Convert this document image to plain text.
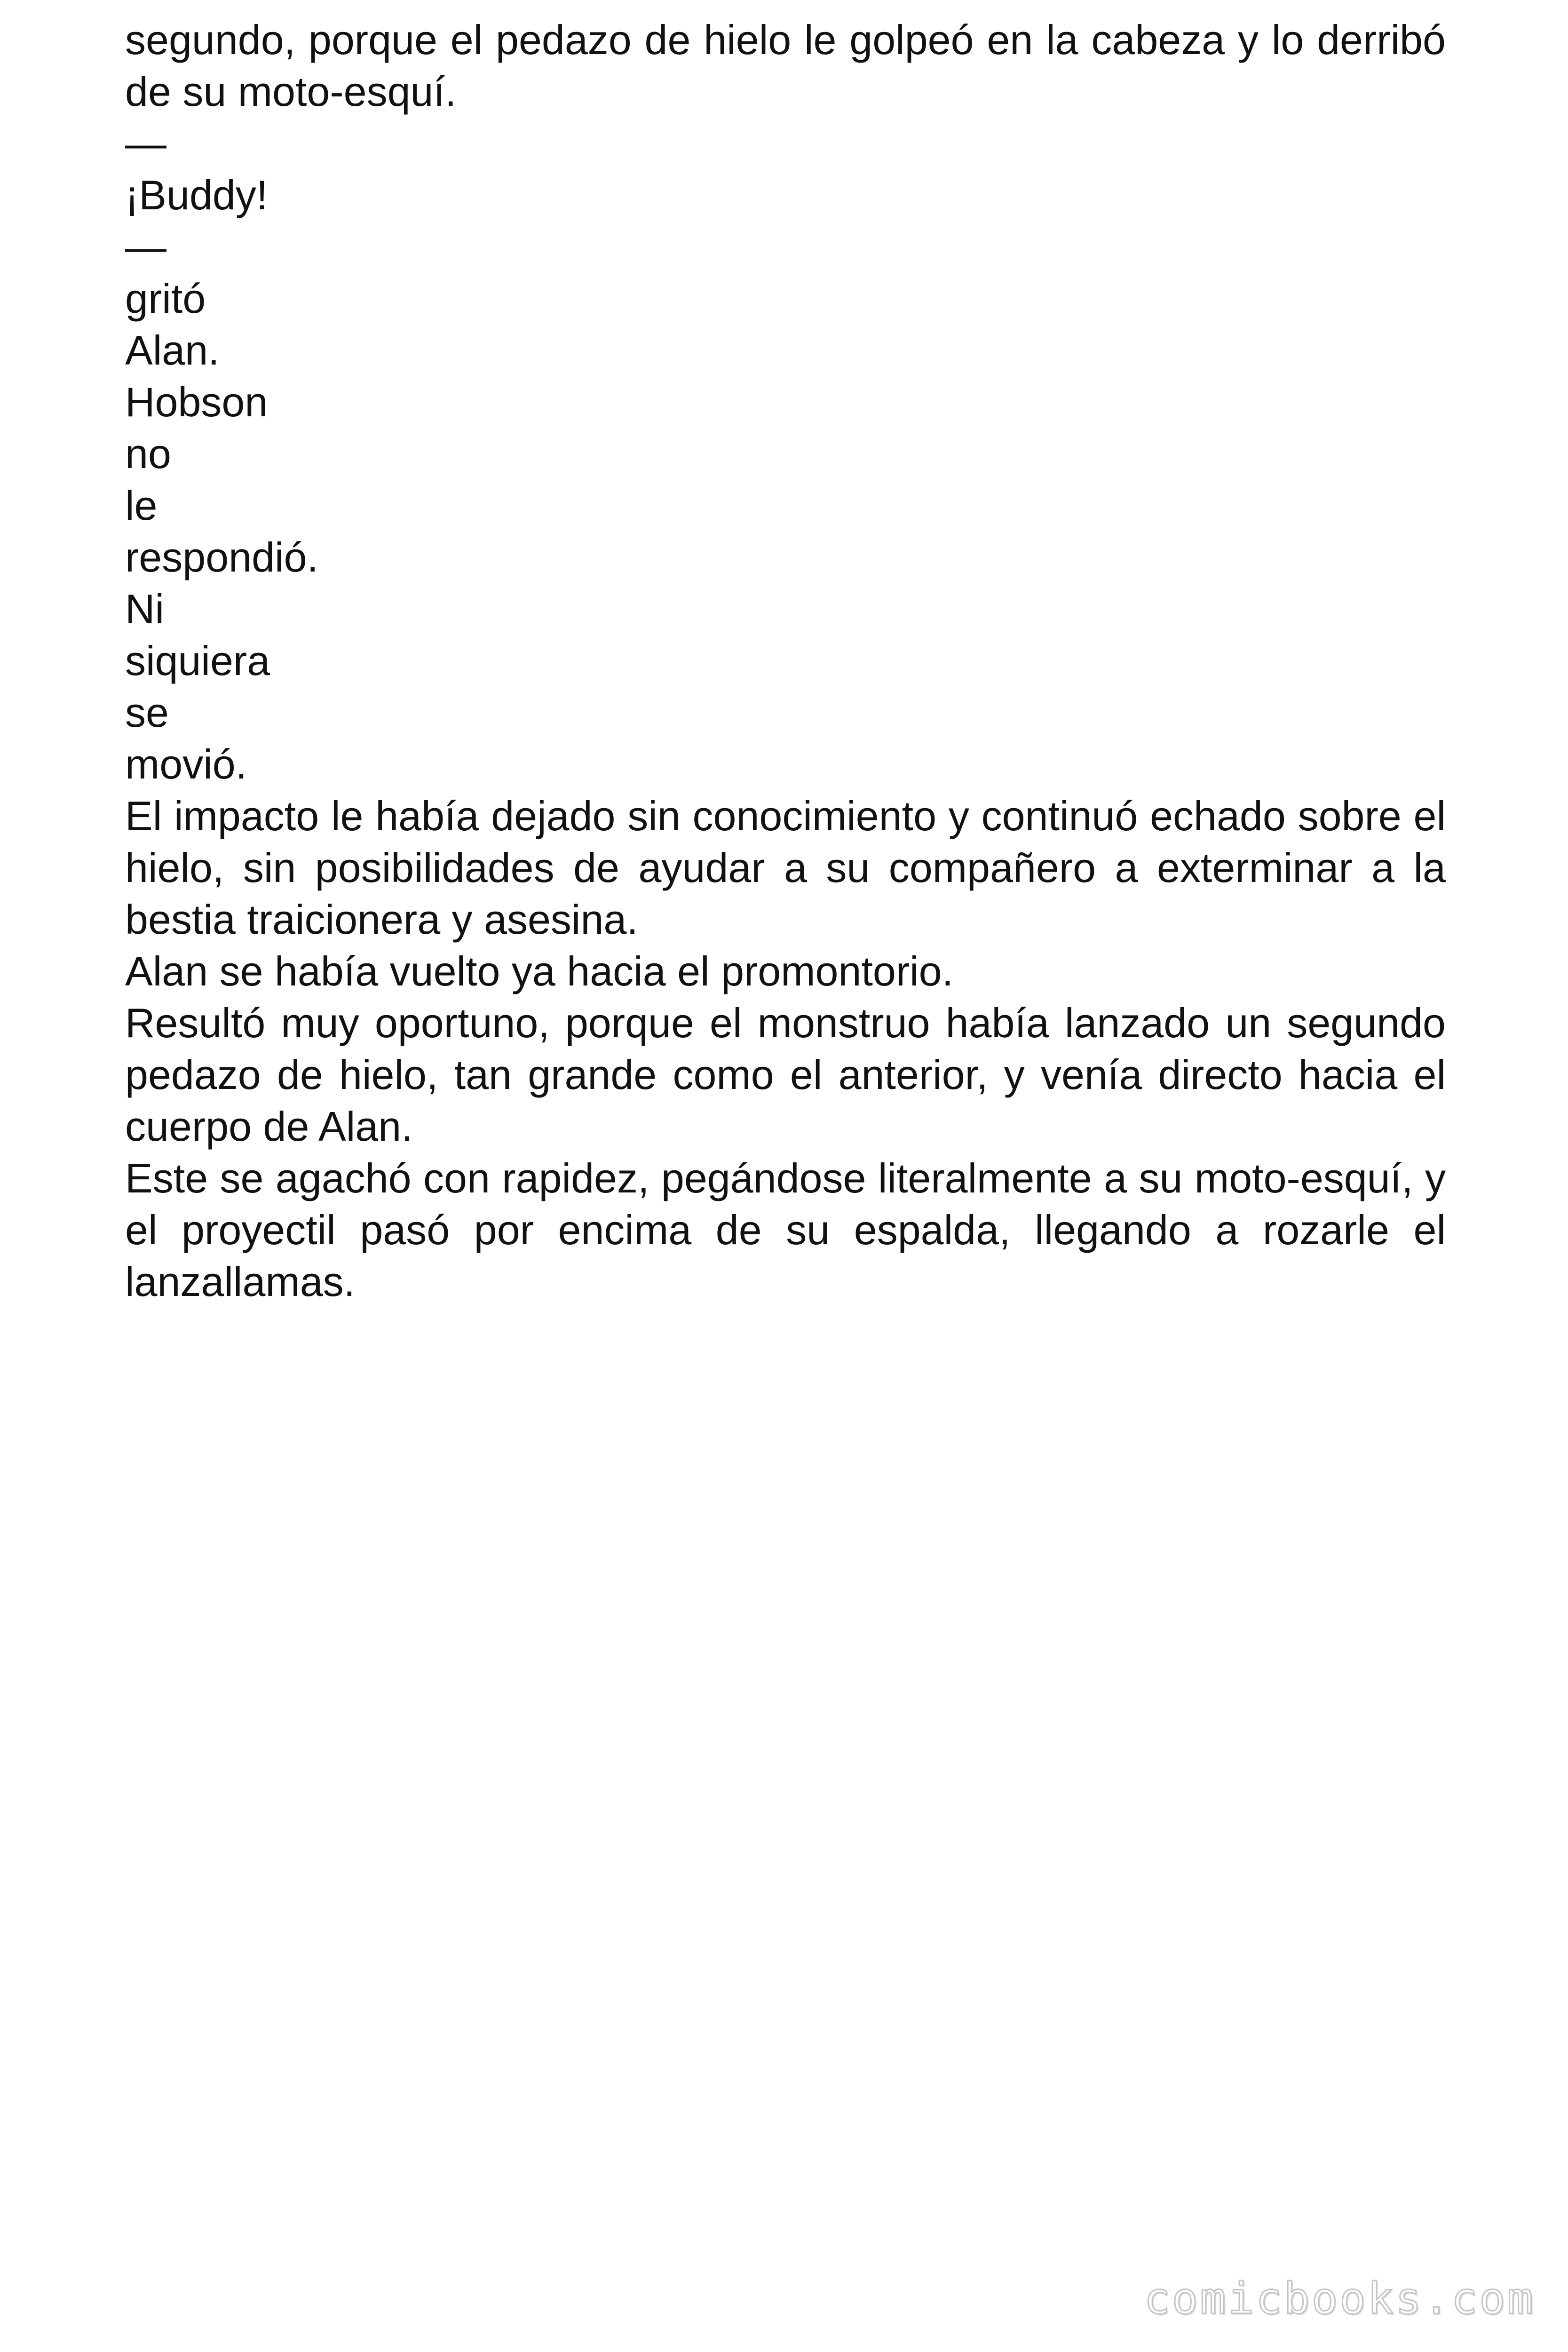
segundo, porque el pedazo de hielo le golpeó en la cabeza y lo derribó de su moto-esquí.

—

¡Buddy!

—

gritó

Alan.

Hobson

no

le

respondió.

Ni

siquiera

se

movió.

El impacto le había dejado sin conocimiento y continuó echado sobre el hielo, sin posibilidades de ayudar a su compañero a exterminar a la bestia traicionera y asesina.

Alan se había vuelto ya hacia el promontorio.

Resultó muy oportuno, porque el monstruo había lanzado un segundo pedazo de hielo, tan grande como el anterior, y venía directo hacia el cuerpo de Alan.

Este se agachó con rapidez, pegándose literalmente a su moto-esquí, y el proyectil pasó por encima de su espalda, llegando a rozarle el lanzallamas.

comicbooks.com
